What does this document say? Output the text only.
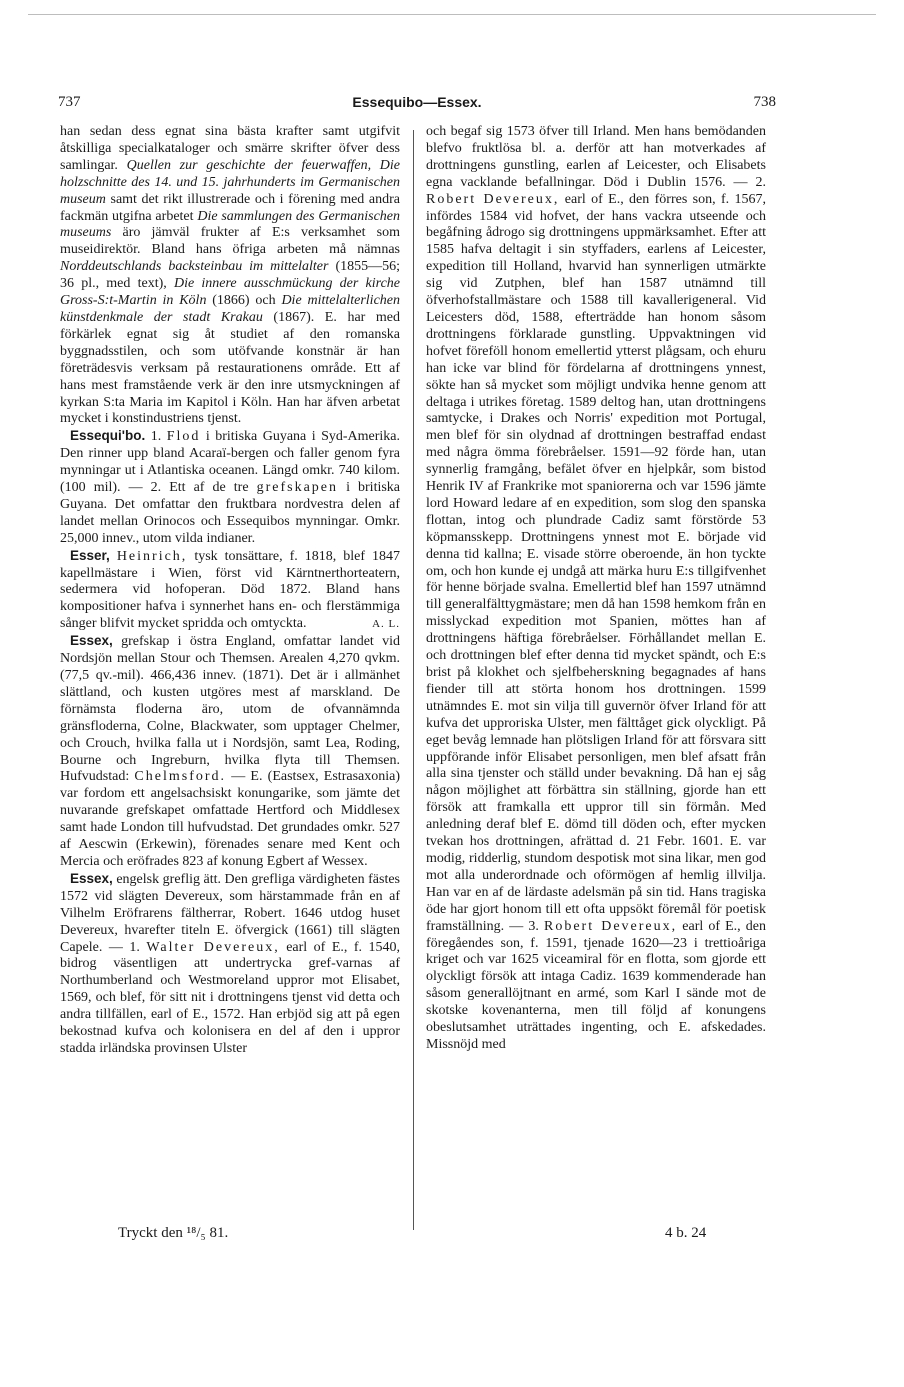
737	Essequibo—Essex.	738

han sedan dess egnat sina bästa krafter samt utgifvit åtskilliga specialkataloger och smärre skrifter öfver dess samlingar. Quellen zur geschichte der feuerwaffen, Die holzschnitte des 14. und 15. jahrhunderts im Germanischen museum samt det rikt illustrerade och i förening med andra fackmän utgifna arbetet Die sammlungen des Germanischen museums äro jämväl frukter af E:s verksamhet som museidirektör. Bland hans öfriga arbeten må nämnas Norddeutschlands backsteinbau im mittelalter (1855—56; 36 pl., med text), Die innere ausschmückung der kirche Gross-S:t-Martin in Köln (1866) och Die mittelalterlichen künstdenkmale der stadt Krakau (1867). E. har med förkärlek egnat sig åt studiet af den romanska byggnadsstilen, och som utöfvande konstnär är han företrädesvis verksam på restaurationens område. Ett af hans mest framstående verk är den inre utsmyckningen af kyrkan S:ta Maria im Kapitol i Köln. Han har äfven arbetat mycket i konstindustriens tjenst.

Essequi'bo. 1. Flod i britiska Guyana i Syd-Amerika. Den rinner upp bland Acaraï-bergen och faller genom fyra mynningar ut i Atlantiska oceanen. Längd omkr. 740 kilom. (100 mil). — 2. Ett af de tre grefskapen i britiska Guyana. Det omfattar den fruktbara nordvestra delen af landet mellan Orinocos och Essequibos mynningar. Omkr. 25,000 innev., utom vilda indianer.

Esser, Heinrich, tysk tonsättare, f. 1818, blef 1847 kapellmästare i Wien, först vid Kärntnerthorteatern, sedermera vid hofoperan. Död 1872. Bland hans kompositioner hafva i synnerhet hans en- och flerstämmiga sånger blifvit mycket spridda och omtyckta.	A. L.

Essex, grefskap i östra England, omfattar landet vid Nordsjön mellan Stour och Themsen. Arealen 4,270 qvkm. (77,5 qv.-mil). 466,436 innev. (1871). Det är i allmänhet slättland, och kusten utgöres mest af marskland. De förnämsta floderna äro, utom de ofvannämnda gränsfloderna, Colne, Blackwater, som upptager Chelmer, och Crouch, hvilka falla ut i Nordsjön, samt Lea, Roding, Bourne och Ingreburn, hvilka flyta till Themsen. Hufvudstad: Chelmsford. — E. (Eastsex, Estrasaxonia) var fordom ett angelsachsiskt konungarike, som jämte det nuvarande grefskapet omfattade Hertford och Middlesex samt hade London till hufvudstad. Det grundades omkr. 527 af Aescwin (Erkewin), förenades senare med Kent och Mercia och eröfrades 823 af konung Egbert af Wessex.

Essex, engelsk greflig ätt. Den grefliga värdigheten fästes 1572 vid slägten Devereux, som härstammade från en af Vilhelm Eröfrarens fältherrar, Robert. 1646 utdog huset Devereux, hvarefter titeln E. öfvergick (1661) till slägten Capele. — 1. Walter Devereux, earl of E., f. 1540, bidrog väsentligen att undertrycka gref-varnas af Northumberland och Westmoreland uppror mot Elisabet, 1569, och blef, för sitt nit i drottningens tjenst vid detta och andra tillfällen, earl of E., 1572. Han erbjöd sig att på egen bekostnad kufva och kolonisera en del af den i uppror stadda irländska provinsen Ulster

och begaf sig 1573 öfver till Irland. Men hans bemödanden blefvo fruktlösa bl. a. derför att han motverkades af drottningens gunstling, earlen af Leicester, och Elisabets egna vacklande befallningar. Död i Dublin 1576. — 2. Robert Devereux, earl of E., den förres son, f. 1567, infördes 1584 vid hofvet, der hans vackra utseende och begåfning ådrogo sig drottningens uppmärksamhet. Efter att 1585 hafva deltagit i sin styffaders, earlens af Leicester, expedition till Holland, hvarvid han synnerligen utmärkte sig vid Zutphen, blef han 1587 utnämnd till öfverhofstallmästare och 1588 till kavallerigeneral. Vid Leicesters död, 1588, efterträdde han honom såsom drottningens förklarade gunstling. Uppvaktningen vid hofvet föreföll honom emellertid ytterst plågsam, och ehuru han icke var blind för fördelarna af drottningens ynnest, sökte han så mycket som möjligt undvika henne genom att deltaga i utrikes företag. 1589 deltog han, utan drottningens samtycke, i Drakes och Norris' expedition mot Portugal, men blef för sin olydnad af drottningen bestraffad endast med några ömma förebråelser. 1591—92 förde han, utan synnerlig framgång, befälet öfver en hjelpkår, som bistod Henrik IV af Frankrike mot spaniorerna och var 1596 jämte lord Howard ledare af en expedition, som slog den spanska flottan, intog och plundrade Cadiz samt förstörde 53 köpmansskepp. Drottningens ynnest mot E. började vid denna tid kallna; E. visade större oberoende, än hon tyckte om, och hon kunde ej undgå att märka huru E:s tillgifvenhet för henne började svalna. Emellertid blef han 1597 utnämnd till generalfälttygmästare; men då han 1598 hemkom från en misslyckad expedition mot Spanien, möttes han af drottningens häftiga förebråelser. Förhållandet mellan E. och drottningen blef efter denna tid mycket spändt, och E:s brist på klokhet och sjelfbeherskning begagnades af hans fiender till att störta honom hos drottningen. 1599 utnämndes E. mot sin vilja till guvernör öfver Irland för att kufva det upproriska Ulster, men fälttåget gick olyckligt. På eget bevåg lemnade han plötsligen Irland för att försvara sitt uppförande inför Elisabet personligen, men blef afsatt från alla sina tjenster och ställd under bevakning. Då han ej såg någon möjlighet att förbättra sin ställning, gjorde han ett försök att framkalla ett uppror till sin förmån. Med anledning deraf blef E. dömd till döden och, efter mycken tvekan hos drottningen, afrättad d. 21 Febr. 1601. E. var modig, ridderlig, stundom despotisk mot sina likar, men god mot alla underordnade och oförmögen af hemlig illvilja. Han var en af de lärdaste adelsmän på sin tid. Hans tragiska öde har gjort honom till ett ofta uppsökt föremål för poetisk framställning. — 3. Robert Devereux, earl of E., den föregåendes son, f. 1591, tjenade 1620—23 i trettioåriga kriget och var 1625 viceamiral för en flotta, som gjorde ett olyckligt försök att intaga Cadiz. 1639 kommenderade han såsom generallöjtnant en armé, som Karl I sände mot de skotske kovenanterna, men till följd af konungens obeslutsamhet uträttades ingenting, och E. afskedades. Missnöjd med

Tryckt den ¹⁸/₅ 81.	4 b. 24
